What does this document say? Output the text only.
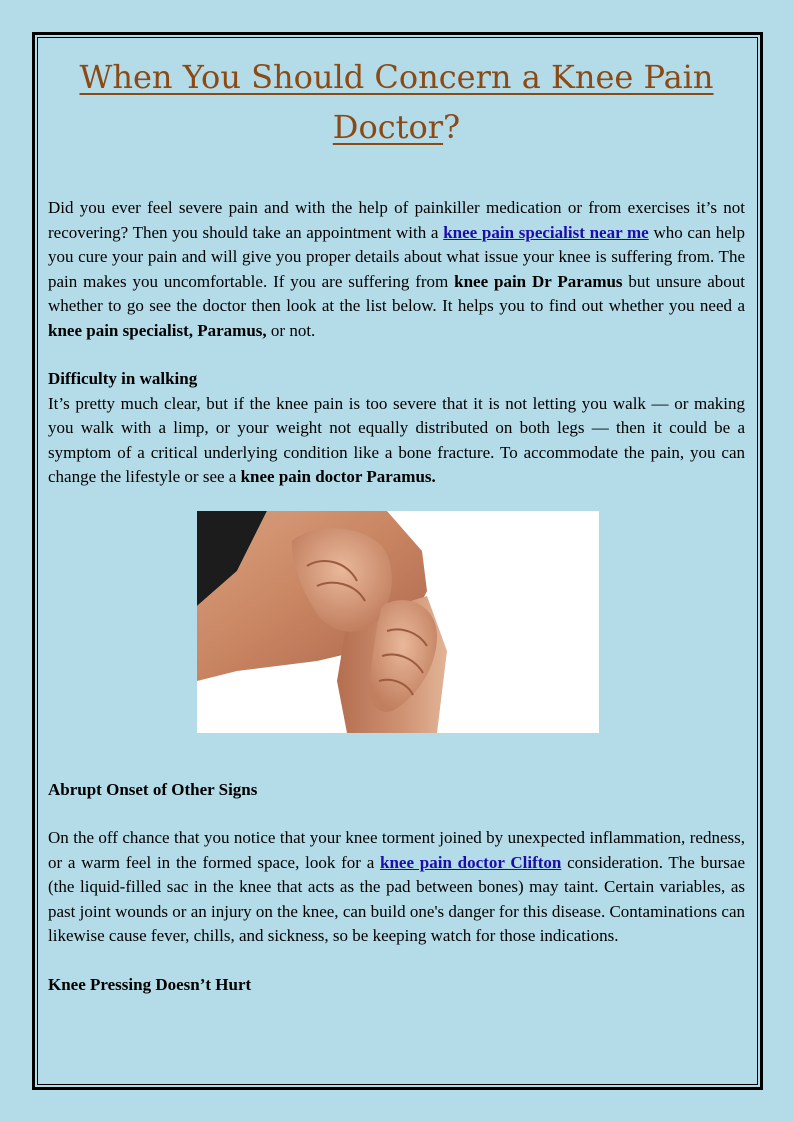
When You Should Concern a Knee Pain
Doctor?

Did you ever feel severe pain and with the help of painkiller medication or from exercises it’s not recovering? Then you should take an appointment with a knee pain specialist near me who can help you cure your pain and will give you proper details about what issue your knee is suffering from. The pain makes you uncomfortable. If you are suffering from knee pain Dr Paramus but unsure about whether to go see the doctor then look at the list below. It helps you to find out whether you need a knee pain specialist, Paramus, or not.

Difficulty in walking

It’s pretty much clear, but if the knee pain is too severe that it is not letting you walk — or making you walk with a limp, or your weight not equally distributed on both legs — then it could be a symptom of a critical underlying condition like a bone fracture. To accommodate the pain, you can change the lifestyle or see a knee pain doctor Paramus.

Abrupt Onset of Other Signs

On the off chance that you notice that your knee torment joined by unexpected inflammation, redness, or a warm feel in the formed space, look for a knee pain doctor Clifton consideration. The bursae (the liquid-filled sac in the knee that acts as the pad between bones) may taint. Certain variables, as past joint wounds or an injury on the knee, can build one's danger for this disease. Contaminations can likewise cause fever, chills, and sickness, so be keeping watch for those indications.

Knee Pressing Doesn’t Hurt
